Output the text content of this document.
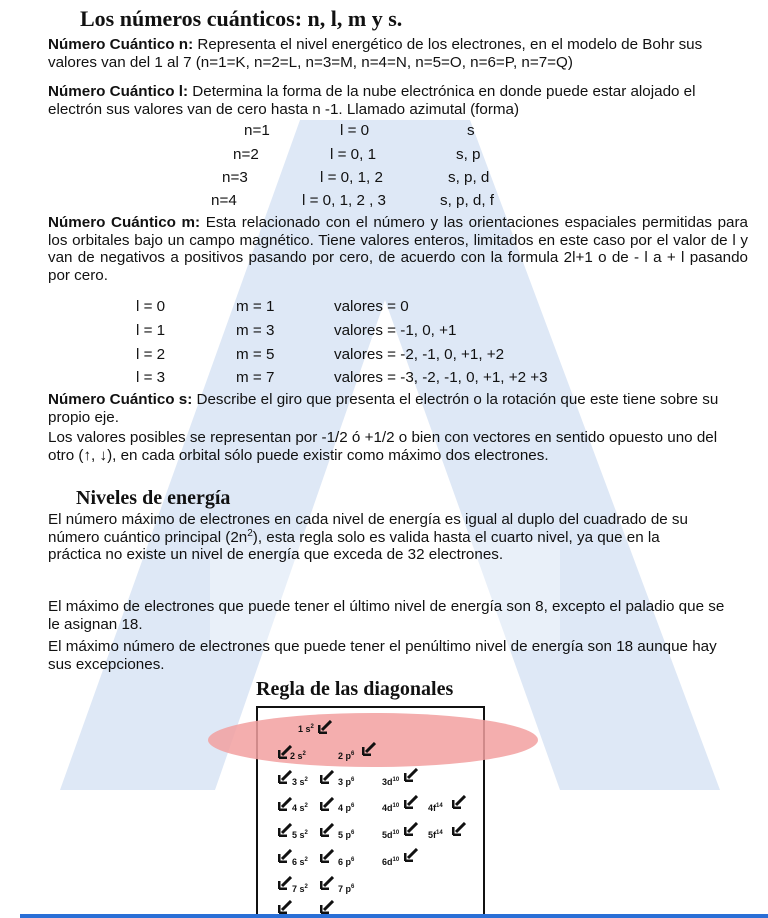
Los números cuánticos: n, l, m y s.
Número Cuántico n: Representa el nivel energético de los electrones, en el modelo de Bohr sus valores van del 1 al 7 (n=1=K, n=2=L, n=3=M, n=4=N, n=5=O, n=6=P, n=7=Q)
Número Cuántico l: Determina la forma de la nube electrónica en donde puede estar alojado el electrón sus valores van de cero hasta n -1. Llamado azimutal (forma)
n=1	l = 0	s
n=2	l = 0, 1	s, p
n=3	l = 0, 1, 2	s, p, d
n=4	l = 0, 1, 2 , 3	s, p, d, f
Número Cuántico m: Esta relacionado con el número y las orientaciones espaciales permitidas para los orbitales bajo un campo magnético. Tiene valores enteros, limitados en este caso por el valor de l y van de negativos a positivos pasando por cero, de acuerdo con la formula 2l+1 o de - l a + l pasando por cero.
l = 0	m = 1	valores = 0
l = 1	m = 3	valores = -1, 0, +1
l = 2	m = 5	valores = -2, -1, 0, +1, +2
l = 3	m = 7	valores = -3, -2, -1, 0, +1, +2 +3
Número Cuántico s: Describe el giro que presenta el electrón o la rotación que este tiene sobre su propio eje.
Los valores posibles se representan por -1/2 ó +1/2 o bien con vectores en sentido opuesto uno del otro (↑, ↓), en cada orbital sólo puede existir como máximo dos electrones.
Niveles de energía
El número máximo de electrones en cada nivel de energía es igual al duplo del cuadrado de su número cuántico principal $(2n^2)$, esta regla solo es valida hasta el cuarto nivel, ya que en la práctica no existe un nivel de energía que exceda de 32 electrones.
El máximo de electrones que puede tener el último nivel de energía son 8, excepto el paladio que se le asignan 18.
El máximo número de electrones que puede tener el penúltimo nivel de energía son 18 aunque hay sus excepciones.
Regla de las diagonales
1 $s^2$
2 $s^2$	2 $p^6$
3 $s^2$	3 $p^6$	$3d^{10}$
4 $s^2$	4 $p^6$	$4d^{10}$	$4f^{14}$
5 $s^2$	5 $p^6$	$5d^{10}$	$5f^{14}$
6 $s^2$	6 $p^6$	$6d^{10}$
7 $s^2$	7 $p^6$
